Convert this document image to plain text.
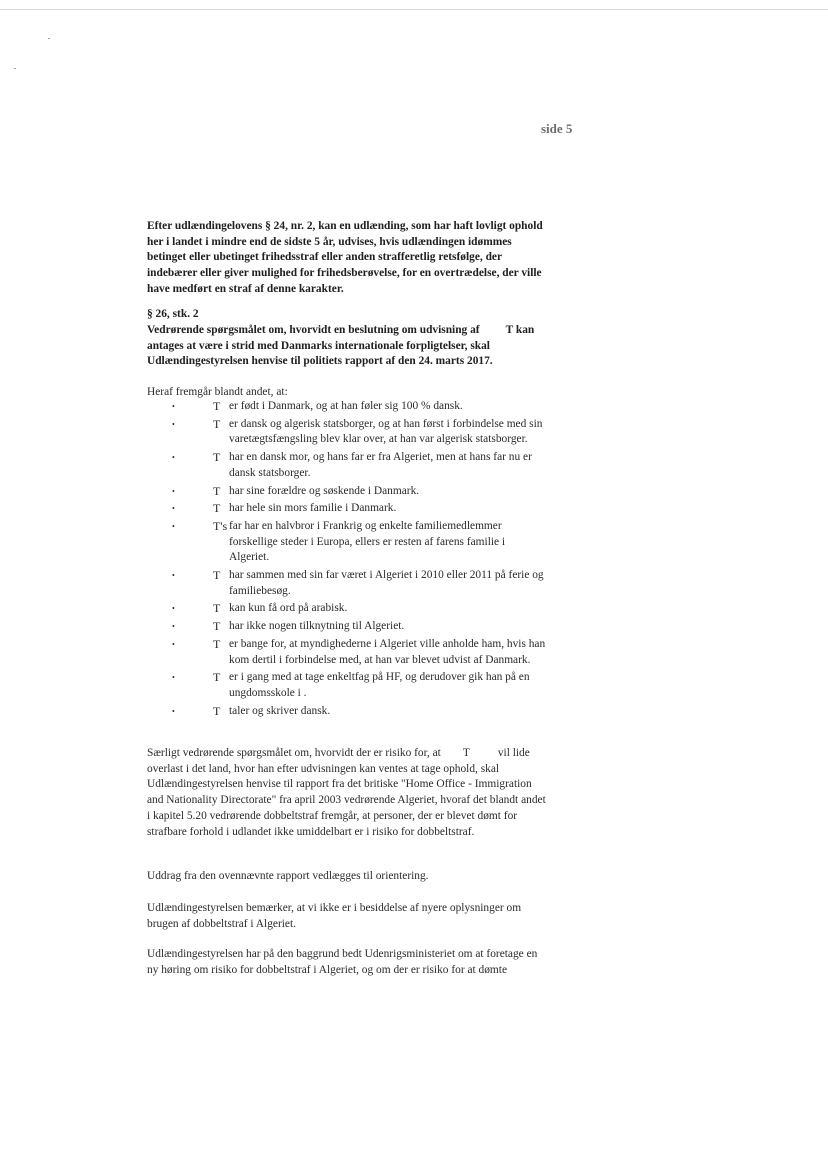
side 5
Efter udlændingelovens § 24, nr. 2, kan en udlænding, som har haft lovligt ophold her i landet i mindre end de sidste 5 år, udvises, hvis udlændingen idømmes betinget eller ubetinget frihedsstraf eller anden strafferetlig retsfølge, der indebærer eller giver mulighed for frihedsberøvelse, for en overtrædelse, der ville have medført en straf af denne karakter.
§ 26, stk. 2
Vedrørende spørgsmålet om, hvorvidt en beslutning om udvisning af T kan antages at være i strid med Danmarks internationale forpligtelser, skal Udlændingestyrelsen henvise til politiets rapport af den 24. marts 2017.
Heraf fremgår blandt andet, at:
•	T er født i Danmark, og at han føler sig 100 % dansk.
•	T er dansk og algerisk statsborger, og at han først i forbindelse med sin varetægtsfængsling blev klar over, at han var algerisk statsborger.
•	T har en dansk mor, og hans far er fra Algeriet, men at hans far nu er dansk statsborger.
•	T har sine forældre og søskende i Danmark.
•	T har hele sin mors familie i Danmark.
•	T's far har en halvbror i Frankrig og enkelte familiemedlemmer forskellige steder i Europa, ellers er resten af farens familie i Algeriet.
•	T har sammen med sin far været i Algeriet i 2010 eller 2011 på ferie og familiebesøg.
•	T kan kun få ord på arabisk.
•	T har ikke nogen tilknytning til Algeriet.
•	T er bange for, at myndighederne i Algeriet ville anholde ham, hvis han kom dertil i forbindelse med, at han var blevet udvist af Danmark.
•	T er i gang med at tage enkeltfag på HF, og derudover gik han på en ungdomsskole i .
•	T taler og skriver dansk.
Særligt vedrørende spørgsmålet om, hvorvidt der er risiko for, at T vil lide overlast i det land, hvor han efter udvisningen kan ventes at tage ophold, skal Udlændingestyrelsen henvise til rapport fra det britiske "Home Office - Immigration and Nationality Directorate" fra april 2003 vedrørende Algeriet, hvoraf det blandt andet i kapitel 5.20 vedrørende dobbeltstraf fremgår, at personer, der er blevet dømt for strafbare forhold i udlandet ikke umiddelbart er i risiko for dobbeltstraf.
Uddrag fra den ovennævnte rapport vedlægges til orientering.
Udlændingestyrelsen bemærker, at vi ikke er i besiddelse af nyere oplysninger om brugen af dobbeltstraf i Algeriet.
Udlændingestyrelsen har på den baggrund bedt Udenrigsministeriet om at foretage en ny høring om risiko for dobbeltstraf i Algeriet, og om der er risiko for at dømte
